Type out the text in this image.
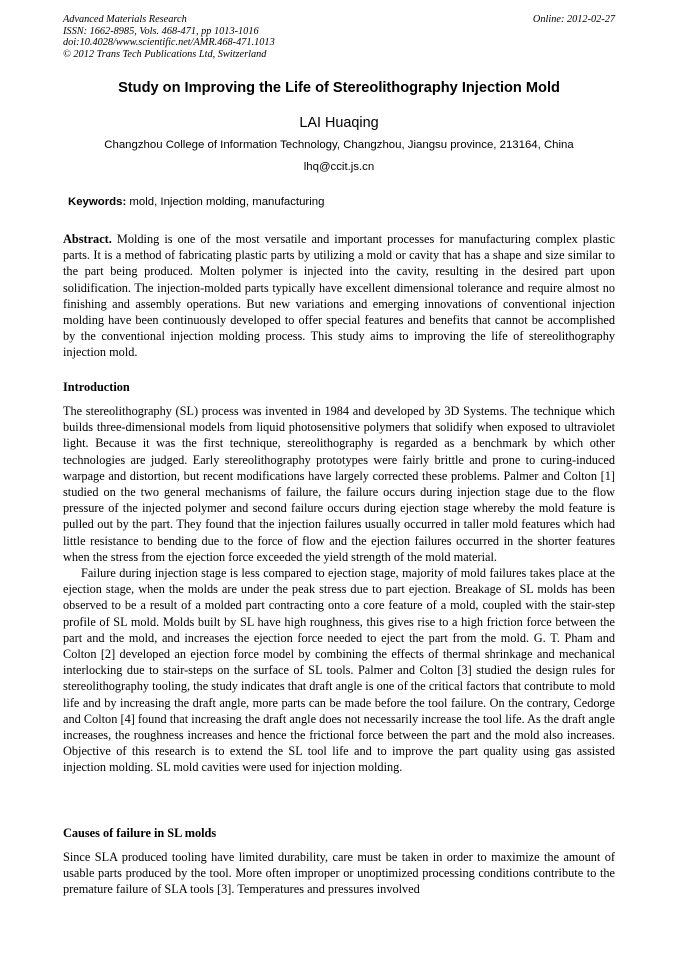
Advanced Materials Research
ISSN: 1662-8985, Vols. 468-471, pp 1013-1016
doi:10.4028/www.scientific.net/AMR.468-471.1013
© 2012 Trans Tech Publications Ltd, Switzerland
Online: 2012-02-27
Study on Improving the Life of Stereolithography Injection Mold
LAI Huaqing
Changzhou College of Information Technology, Changzhou, Jiangsu province, 213164, China
lhq@ccit.js.cn
Keywords: mold, Injection molding, manufacturing

Abstract. Molding is one of the most versatile and important processes for manufacturing complex plastic parts. It is a method of fabricating plastic parts by utilizing a mold or cavity that has a shape and size similar to the part being produced. Molten polymer is injected into the cavity, resulting in the desired part upon solidification. The injection-molded parts typically have excellent dimensional tolerance and require almost no finishing and assembly operations. But new variations and emerging innovations of conventional injection molding have been continuously developed to offer special features and benefits that cannot be accomplished by the conventional injection molding process. This study aims to improving the life of stereolithography injection mold.

Introduction

The stereolithography (SL) process was invented in 1984 and developed by 3D Systems. The technique which builds three-dimensional models from liquid photosensitive polymers that solidify when exposed to ultraviolet light. Because it was the first technique, stereolithography is regarded as a benchmark by which other technologies are judged. Early stereolithography prototypes were fairly brittle and prone to curing-induced warpage and distortion, but recent modifications have largely corrected these problems. Palmer and Colton [1] studied on the two general mechanisms of failure, the failure occurs during injection stage due to the flow pressure of the injected polymer and second failure occurs during ejection stage whereby the mold feature is pulled out by the part. They found that the injection failures usually occurred in taller mold features which had little resistance to bending due to the force of flow and the ejection failures occurred in the shorter features when the stress from the ejection force exceeded the yield strength of the mold material.

Failure during injection stage is less compared to ejection stage, majority of mold failures takes place at the ejection stage, when the molds are under the peak stress due to part ejection. Breakage of SL molds has been observed to be a result of a molded part contracting onto a core feature of a mold, coupled with the stair-step profile of SL mold. Molds built by SL have high roughness, this gives rise to a high friction force between the part and the mold, and increases the ejection force needed to eject the part from the mold. G. T. Pham and Colton [2] developed an ejection force model by combining the effects of thermal shrinkage and mechanical interlocking due to stair-steps on the surface of SL tools. Palmer and Colton [3] studied the design rules for stereolithography tooling, the study indicates that draft angle is one of the critical factors that contribute to mold life and by increasing the draft angle, more parts can be made before the tool failure. On the contrary, Cedorge and Colton [4] found that increasing the draft angle does not necessarily increase the tool life. As the draft angle increases, the roughness increases and hence the frictional force between the part and the mold also increases. Objective of this research is to extend the SL tool life and to improve the part quality using gas assisted injection molding. SL mold cavities were used for injection molding.

Causes of failure in SL molds

Since SLA produced tooling have limited durability, care must be taken in order to maximize the amount of usable parts produced by the tool. More often improper or unoptimized processing conditions contribute to the premature failure of SLA tools [3]. Temperatures and pressures involved
